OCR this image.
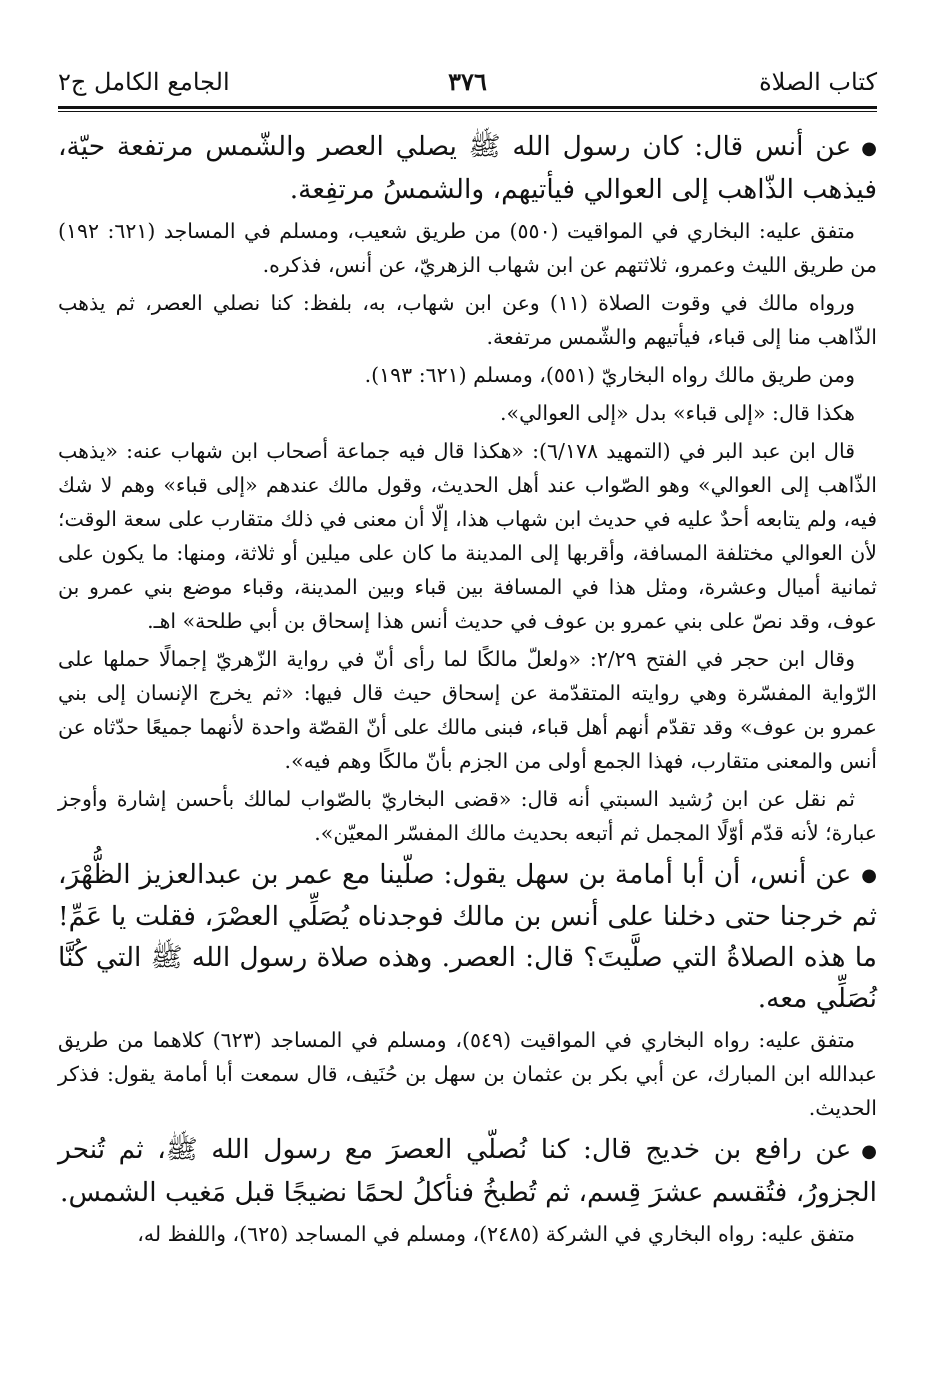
كتاب الصلاة
٣٧٦
الجامع الكامل ج٢

●عن أنس قال: كان رسول الله ﷺ يصلي العصر والشّمس مرتفعة حيّة، فيذهب الذّاهب إلى العوالي فيأتيهم، والشمسُ مرتفِعة.

متفق عليه: البخاري في المواقيت (٥٥٠) من طريق شعيب، ومسلم في المساجد (٦٢١: ١٩٢) من طريق الليث وعمرو، ثلاثتهم عن ابن شهاب الزهريّ، عن أنس، فذكره.

ورواه مالك في وقوت الصلاة (١١) وعن ابن شهاب، به، بلفظ: كنا نصلي العصر، ثم يذهب الذّاهب منا إلى قباء، فيأتيهم والشّمس مرتفعة.

ومن طريق مالك رواه البخاريّ (٥٥١)، ومسلم (٦٢١: ١٩٣).

هكذا قال: «إلى قباء» بدل «إلى العوالي».

قال ابن عبد البر في (التمهيد ٦/١٧٨): «هكذا قال فيه جماعة أصحاب ابن شهاب عنه: «يذهب الذّاهب إلى العوالي» وهو الصّواب عند أهل الحديث، وقول مالك عندهم «إلى قباء» وهم لا شك فيه، ولم يتابعه أحدٌ عليه في حديث ابن شهاب هذا، إلّا أن معنى في ذلك متقارب على سعة الوقت؛ لأن العوالي مختلفة المسافة، وأقربها إلى المدينة ما كان على ميلين أو ثلاثة، ومنها: ما يكون على ثمانية أميال وعشرة، ومثل هذا في المسافة بين قباء وبين المدينة، وقباء موضع بني عمرو بن عوف، وقد نصّ على بني عمرو بن عوف في حديث أنس هذا إسحاق بن أبي طلحة» اهـ.

وقال ابن حجر في الفتح ٢/٢٩: «ولعلّ مالكًا لما رأى أنّ في رواية الزّهريّ إجمالًا حملها على الرّواية المفسّرة وهي روايته المتقدّمة عن إسحاق حيث قال فيها: «ثم يخرج الإنسان إلى بني عمرو بن عوف» وقد تقدّم أنهم أهل قباء، فبنى مالك على أنّ القصّة واحدة لأنهما جميعًا حدّثاه عن أنس والمعنى متقارب، فهذا الجمع أولى من الجزم بأنّ مالكًا وهم فيه».

ثم نقل عن ابن رُشيد السبتي أنه قال: «قضى البخاريّ بالصّواب لمالك بأحسن إشارة وأوجز عبارة؛ لأنه قدّم أوّلًا المجمل ثم أتبعه بحديث مالك المفسّر المعيّن».

●عن أنس، أن أبا أمامة بن سهل يقول: صلّينا مع عمر بن عبدالعزيز الظُّهْرَ، ثم خرجنا حتى دخلنا على أنس بن مالك فوجدناه يُصَلِّي العصْرَ، فقلت يا عَمِّ! ما هذه الصلاةُ التي صلَّيتَ؟ قال: العصر. وهذه صلاة رسول الله ﷺ التي كُنَّا نُصَلِّي معه.

متفق عليه: رواه البخاري في المواقيت (٥٤٩)، ومسلم في المساجد (٦٢٣) كلاهما من طريق عبدالله ابن المبارك، عن أبي بكر بن عثمان بن سهل بن حُنَيف، قال سمعت أبا أمامة يقول: فذكر الحديث.

●عن رافع بن خديج قال: كنا نُصلّي العصرَ مع رسول الله ﷺ، ثم تُنحر الجزورُ، فتُقسم عشرَ قِسم، ثم تُطبخُ فنأكلُ لحمًا نضيجًا قبل مَغيب الشمس.

متفق عليه: رواه البخاري في الشركة (٢٤٨٥)، ومسلم في المساجد (٦٢٥)، واللفظ له،
